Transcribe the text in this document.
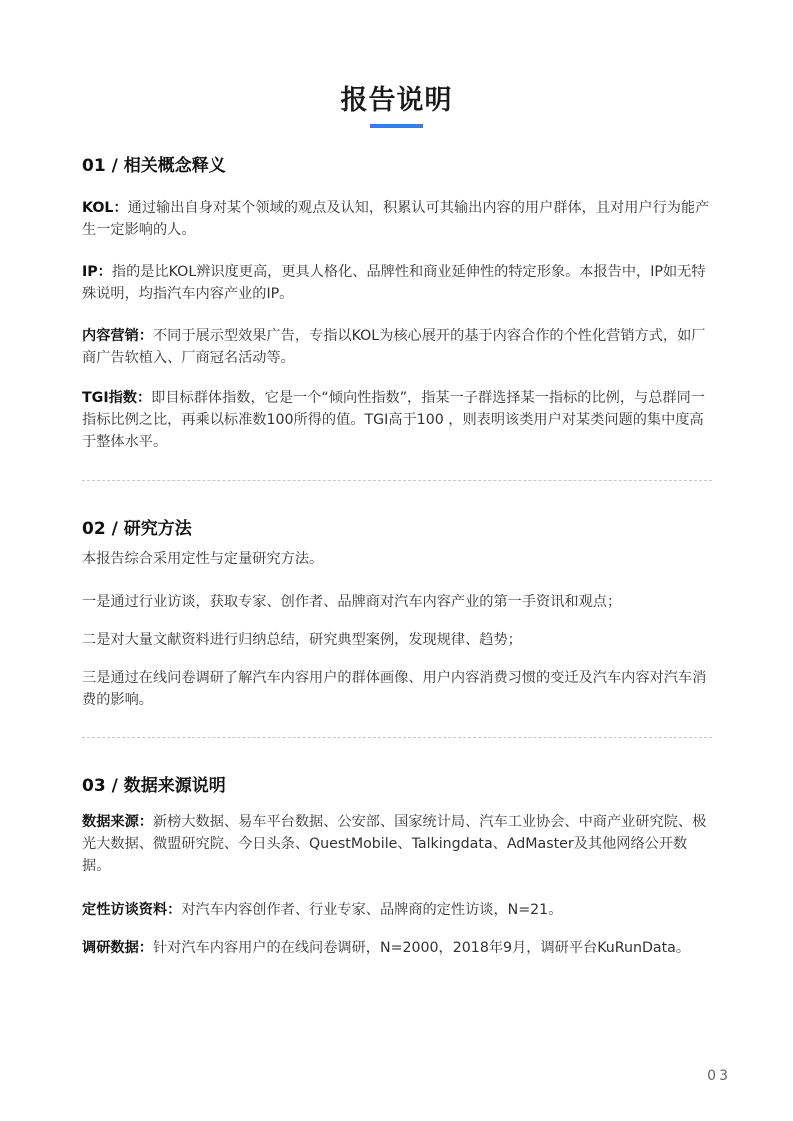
报告说明
01 / 相关概念释义

KOL：通过输出自身对某个领域的观点及认知，积累认可其输出内容的用户群体，且对用户行为能产生一定影响的人。

IP：指的是比KOL辨识度更高，更具人格化、品牌性和商业延伸性的特定形象。本报告中，IP如无特殊说明，均指汽车内容产业的IP。

内容营销：不同于展示型效果广告，专指以KOL为核心展开的基于内容合作的个性化营销方式，如厂商广告软植入、厂商冠名活动等。

TGI指数：即目标群体指数，它是一个“倾向性指数”，指某一子群选择某一指标的比例，与总群同一指标比例之比，再乘以标准数100所得的值。TGI高于100 ，则表明该类用户对某类问题的集中度高于整体水平。

02 / 研究方法

本报告综合采用定性与定量研究方法。

一是通过行业访谈，获取专家、创作者、品牌商对汽车内容产业的第一手资讯和观点；

二是对大量文献资料进行归纳总结，研究典型案例，发现规律、趋势；

三是通过在线问卷调研了解汽车内容用户的群体画像、用户内容消费习惯的变迁及汽车内容对汽车消费的影响。

03 / 数据来源说明

数据来源：新榜大数据、易车平台数据、公安部、国家统计局、汽车工业协会、中商产业研究院、极光大数据、微盟研究院、今日头条、QuestMobile、Talkingdata、AdMaster及其他网络公开数据。

定性访谈资料：对汽车内容创作者、行业专家、品牌商的定性访谈，N=21。

调研数据：针对汽车内容用户的在线问卷调研，N=2000，2018年9月，调研平台KuRunData。

03
